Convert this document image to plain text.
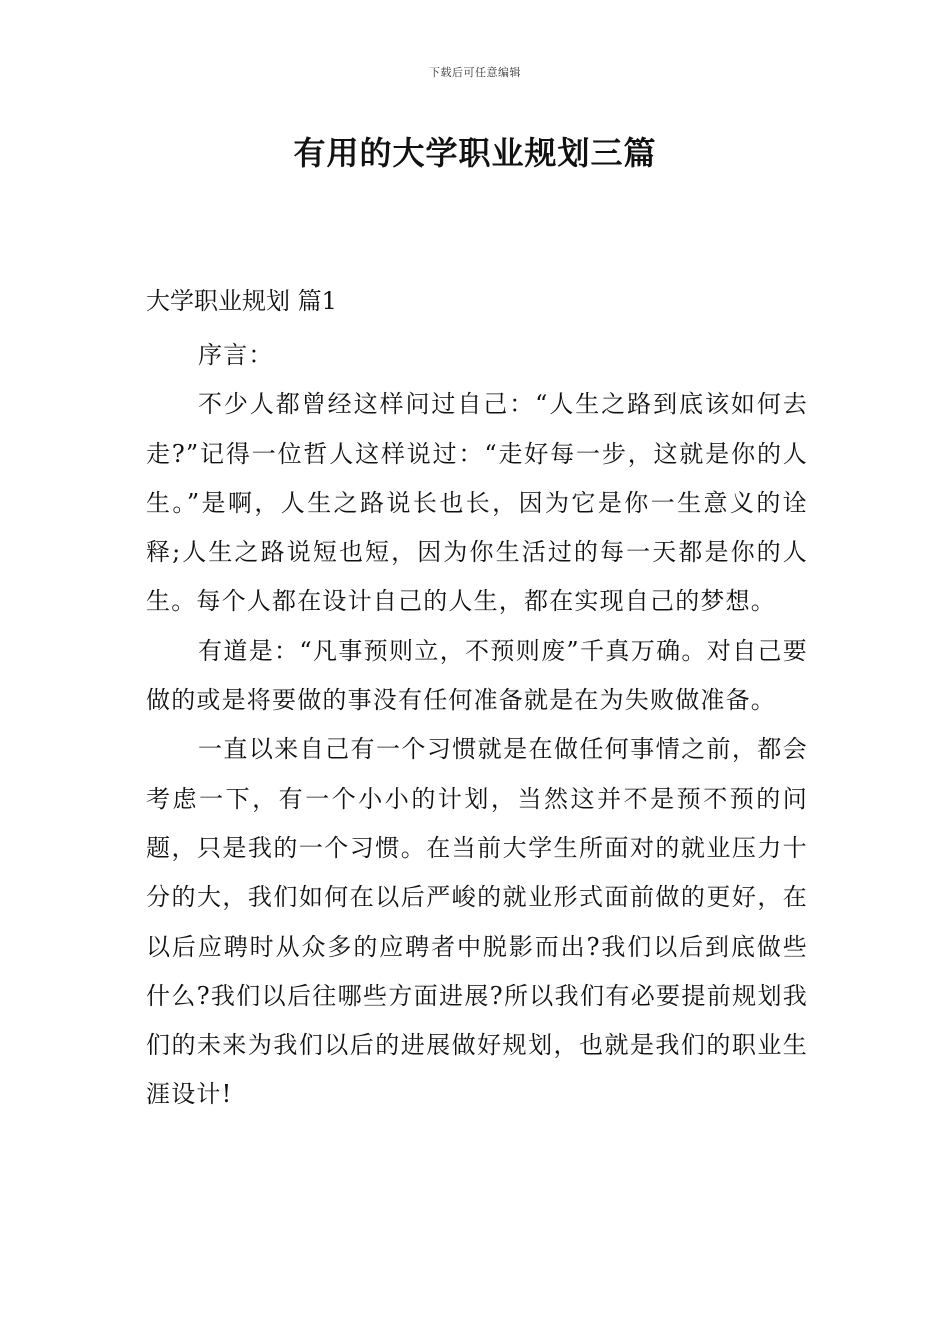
下载后可任意编辑
有用的大学职业规划三篇
大学职业规划 篇1

序言：

不少人都曾经这样问过自己：“人生之路到底该如何去走?”记得一位哲人这样说过：“走好每一步，这就是你的人生。”是啊，人生之路说长也长，因为它是你一生意义的诠释;人生之路说短也短，因为你生活过的每一天都是你的人生。每个人都在设计自己的人生，都在实现自己的梦想。

有道是：“凡事预则立，不预则废”千真万确。对自己要做的或是将要做的事没有任何准备就是在为失败做准备。

一直以来自己有一个习惯就是在做任何事情之前，都会考虑一下，有一个小小的计划，当然这并不是预不预的问题，只是我的一个习惯。在当前大学生所面对的就业压力十分的大，我们如何在以后严峻的就业形式面前做的更好，在以后应聘时从众多的应聘者中脱影而出?我们以后到底做些什么?我们以后往哪些方面进展?所以我们有必要提前规划我们的未来为我们以后的进展做好规划，也就是我们的职业生涯设计!
